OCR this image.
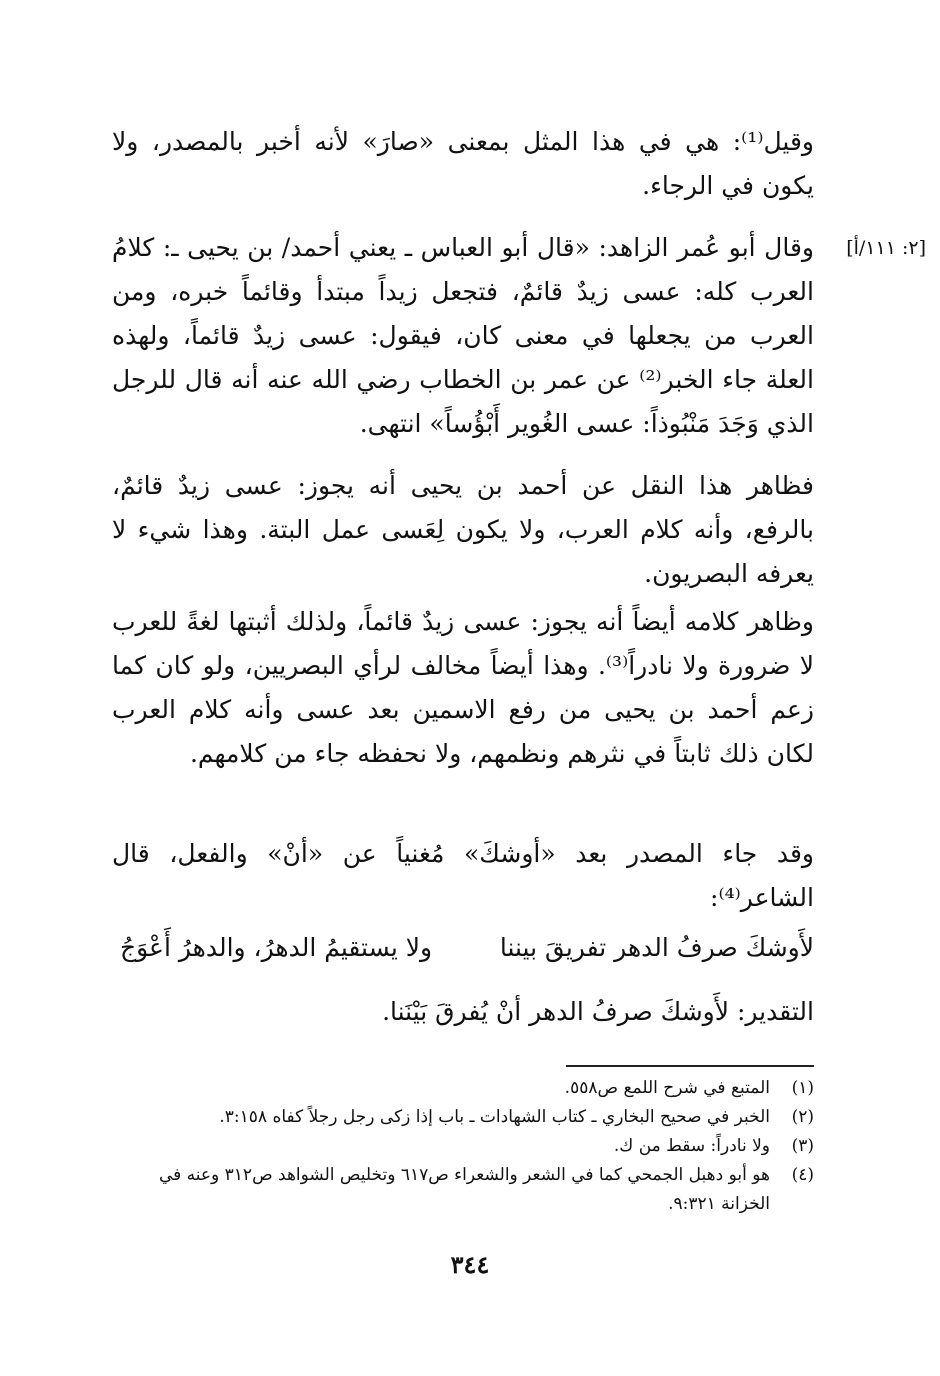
[٢: ١١١/أ]

وقيل⁽¹⁾: هي في هذا المثل بمعنى «صارَ» لأنه أخبر بالمصدر، ولا يكون في الرجاء.

وقال أبو عُمر الزاهد: «قال أبو العباس ـ يعني أحمد/ بن يحيى ـ: كلامُ العرب كله: عسى زيدٌ قائمٌ، فتجعل زيداً مبتدأ وقائماً خبره، ومن العرب من يجعلها في معنى كان، فيقول: عسى زيدٌ قائماً، ولهذه العلة جاء الخبر⁽²⁾ عن عمر بن الخطاب رضي الله عنه أنه قال للرجل الذي وَجَدَ مَنْبُوذاً: عسى الغُوير أَبْؤُساً» انتهى.

فظاهر هذا النقل عن أحمد بن يحيى أنه يجوز: عسى زيدٌ قائمٌ، بالرفع، وأنه كلام العرب، ولا يكون لِعَسى عمل البتة. وهذا شيء لا يعرفه البصريون.

وظاهر كلامه أيضاً أنه يجوز: عسى زيدٌ قائماً، ولذلك أثبتها لغةً للعرب لا ضرورة ولا نادراً⁽³⁾. وهذا أيضاً مخالف لرأي البصريين، ولو كان كما زعم أحمد بن يحيى من رفع الاسمين بعد عسى وأنه كلام العرب لكان ذلك ثابتاً في نثرهم ونظمهم، ولا نحفظه جاء من كلامهم.

وقد جاء المصدر بعد «أوشكَ» مُغنياً عن «أنْ» والفعل، قال الشاعر⁽⁴⁾:

لأَوشكَ صرفُ الدهر تفريقَ بيننا
ولا يستقيمُ الدهرُ، والدهرُ أَعْوَجُ

التقدير: لأَوشكَ صرفُ الدهر أنْ يُفرقَ بَيْنَنا.

(١)
المتبع في شرح اللمع ص٥٥٨.
(٢)
الخبر في صحيح البخاري ـ كتاب الشهادات ـ باب إذا زكى رجل رجلاً كفاه ٣:١٥٨.
(٣)
ولا نادراً: سقط من ك.
(٤)
هو أبو دهبل الجمحي كما في الشعر والشعراء ص٦١٧ وتخليص الشواهد ص٣١٢ وعنه في الخزانة ٩:٣٢١.
٣٤٤
